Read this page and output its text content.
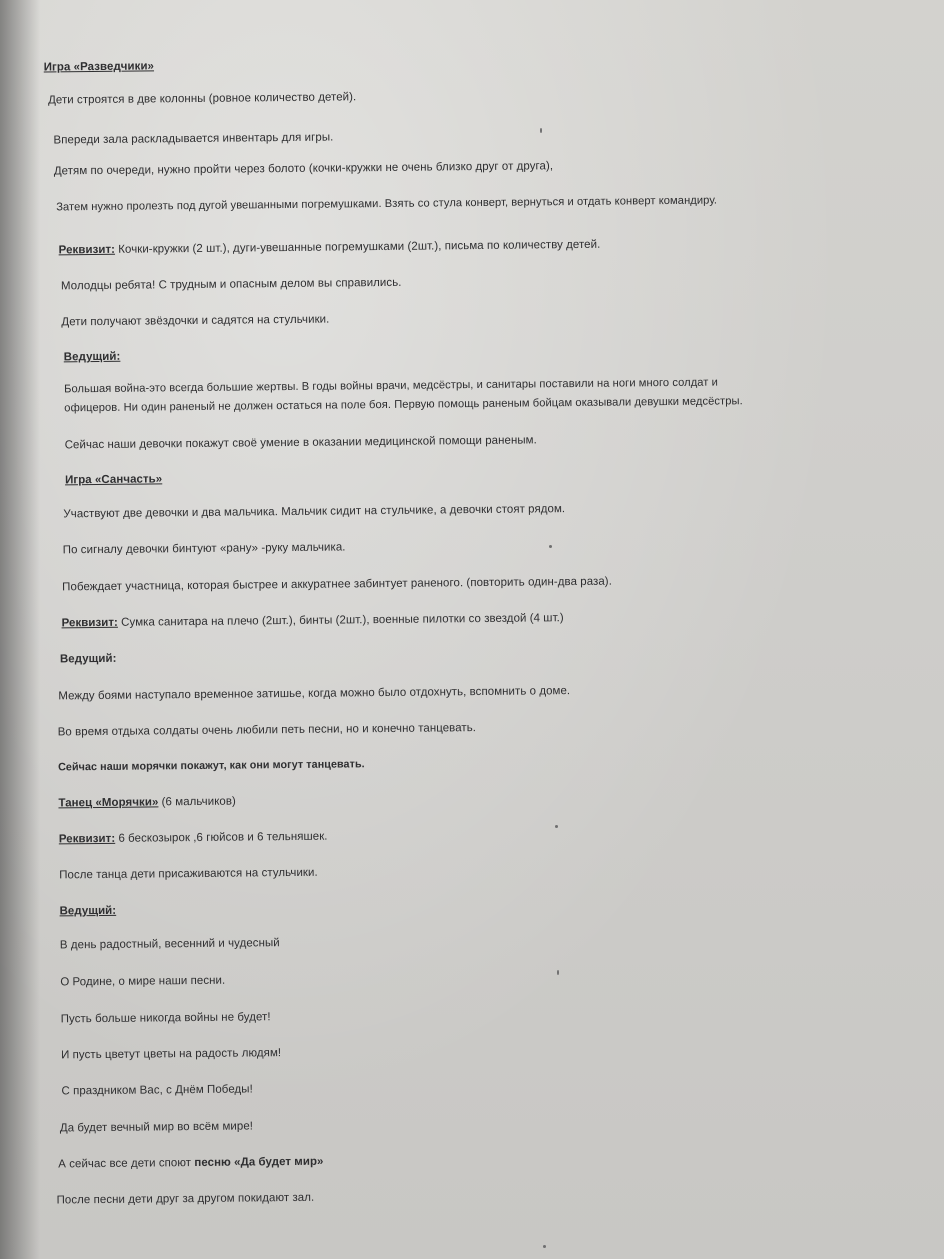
Игра «Разведчики»
Дети строятся в две колонны (ровное количество детей).
Впереди зала раскладывается инвентарь для игры.
Детям по очереди, нужно пройти через болото (кочки-кружки не очень близко друг от друга),
Затем нужно пролезть под дугой увешанными погремушками. Взять со стула конверт, вернуться и отдать конверт командиру.
Реквизит: Кочки-кружки (2 шт.), дуги-увешанные погремушками (2шт.), письма по количеству детей.
Молодцы ребята! С трудным и опасным делом вы справились.
Дети получают звёздочки и садятся на стульчики.
Ведущий:
Большая война-это всегда большие жертвы. В годы войны врачи, медсёстры, и санитары поставили на ноги много солдат и
офицеров. Ни один раненый не должен остаться на поле боя. Первую помощь раненым бойцам оказывали девушки медсёстры.
Сейчас наши девочки покажут своё умение в оказании медицинской помощи раненым.
Игра «Санчасть»
Участвуют две девочки и два мальчика. Мальчик сидит на стульчике, а девочки стоят рядом.
По сигналу девочки бинтуют «рану» -руку мальчика.
Побеждает участница, которая быстрее и аккуратнее забинтует раненого. (повторить один-два раза).
Реквизит: Сумка санитара на плечо (2шт.), бинты (2шт.), военные пилотки со звездой (4 шт.)
Ведущий:
Между боями наступало временное затишье, когда можно было отдохнуть, вспомнить о доме.
Во время отдыха солдаты очень любили петь песни, но и конечно танцевать.
Сейчас наши морячки покажут, как они могут танцевать.
Танец «Морячки» (6 мальчиков)
Реквизит: 6 бескозырок ,6 гюйсов и 6 тельняшек.
После танца дети присаживаются на стульчики.
Ведущий:
В день радостный, весенний и чудесный
О Родине, о мире наши песни.
Пусть больше никогда войны не будет!
И пусть цветут цветы на радость людям!
С праздником Вас, с Днём Победы!
Да будет вечный мир во всём мире!
А сейчас все дети споют песню «Да будет мир»
После песни дети друг за другом покидают зал.
